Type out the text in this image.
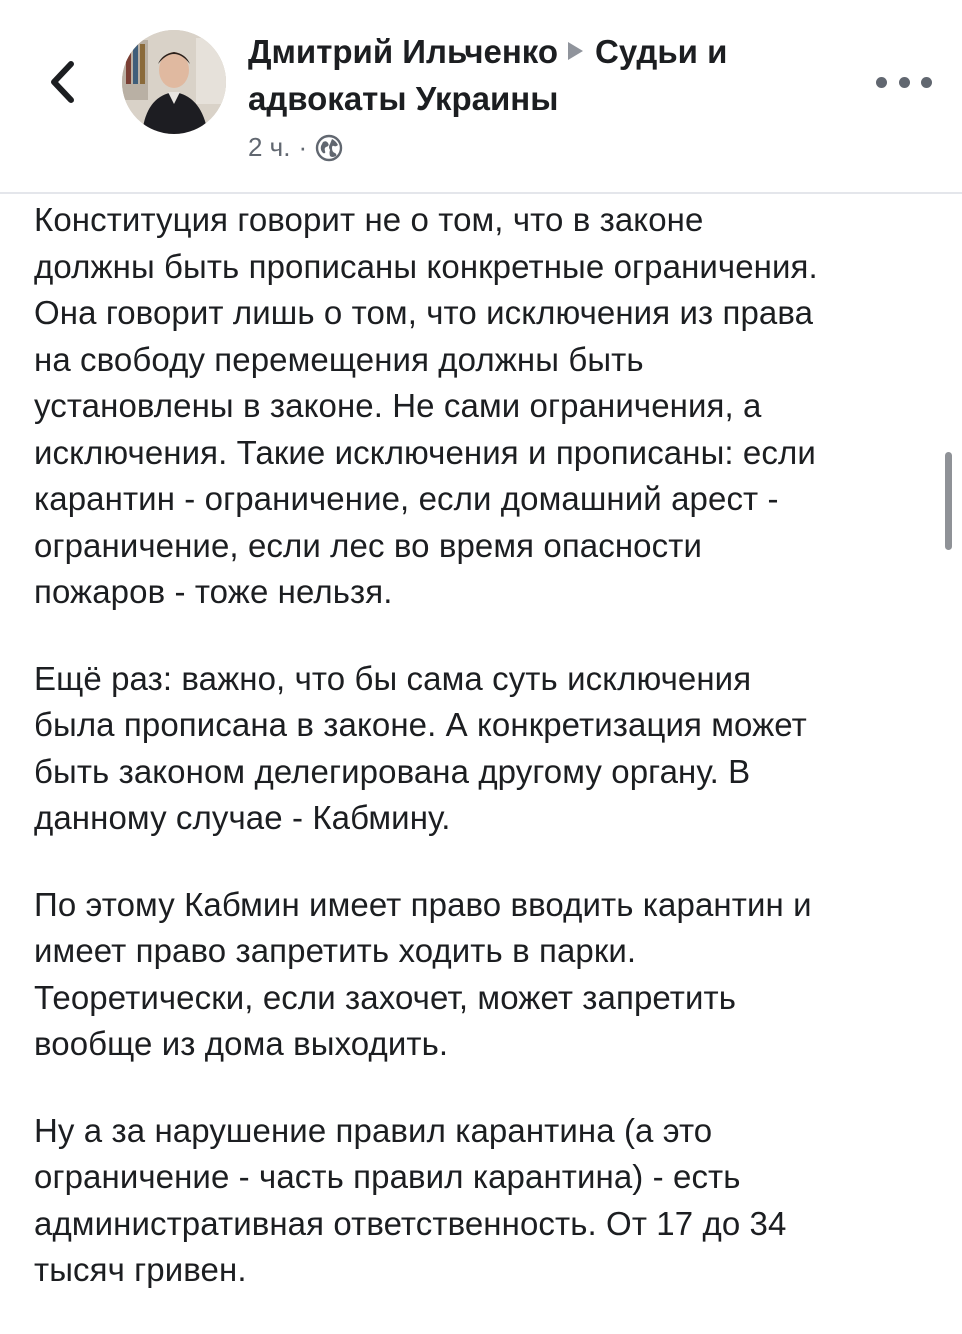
Дмитрий Ильченко Судьи и адвокаты Украины
2 ч. ·

Конституция говорит не о том, что в законе
должны быть прописаны конкретные ограничения.
Она говорит лишь о том, что исключения из права
на свободу перемещения должны быть
установлены в законе. Не сами ограничения, а
исключения. Такие исключения и прописаны: если
карантин - ограничение, если домашний арест -
ограничение, если лес во время опасности
пожаров - тоже нельзя.

Ещё раз: важно, что бы сама суть исключения
была прописана в законе. А конкретизация может
быть законом делегирована другому органу. В
данному случае - Кабмину.

По этому Кабмин имеет право вводить карантин и
имеет право запретить ходить в парки.
Теоретически, если захочет, может запретить
вообще из дома выходить.

Ну а за нарушение правил карантина (а это
ограничение - часть правил карантина) - есть
административная ответственность. От 17 до 34
тысяч гривен.
